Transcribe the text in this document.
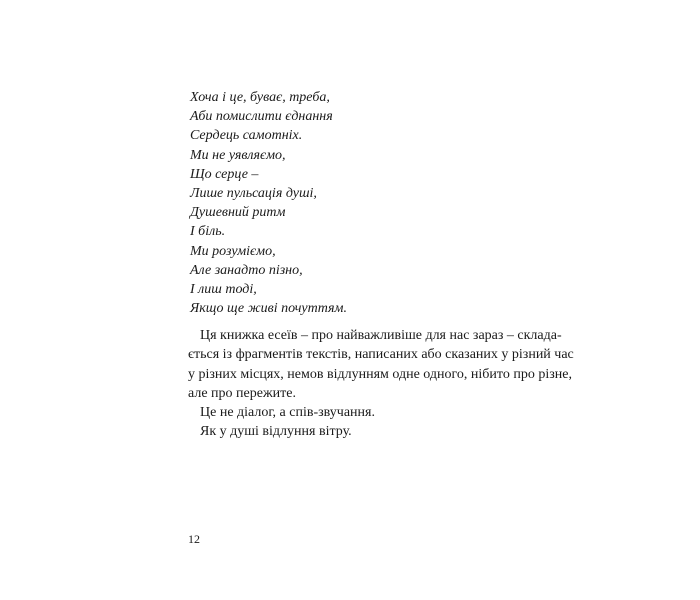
Хоча і це, буває, треба,
Аби помислити єднання
Сердець самотніх.
Ми не уявляємо,
Що серце –
Лише пульсація душі,
Душевний ритм
І біль.
Ми розуміємо,
Але занадто пізно,
І лиш тоді,
Якщо ще живі почуттям.
Ця книжка есеїв – про найважливіше для нас зараз – склада-
ється із фрагментів текстів, написаних або сказаних у різний час
у різних місцях, немов відлунням одне одного, нібито про різне,
але про пережите.
Це не діалог, а спів-звучання.
Як у душі відлуння вітру.
12
